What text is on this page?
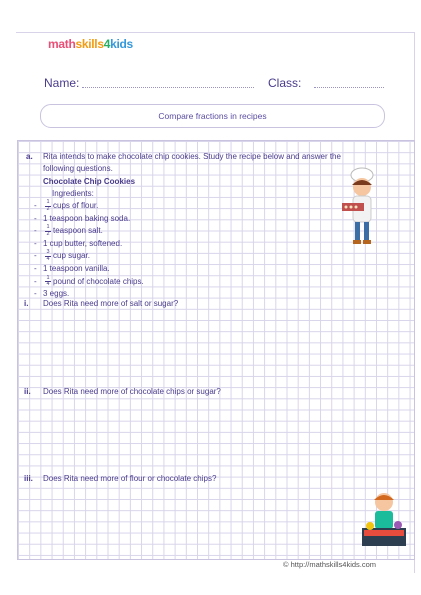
mathskills4kids
Name:	Class:
Compare fractions in recipes
a. Rita intends to make chocolate chip cookies. Study the recipe below and answer the
following questions.
Chocolate Chip Cookies
Ingredients:
- $\frac{1}{2}$ cups of flour.
- 1 teaspoon baking soda.
- $\frac{1}{2}$ teaspoon salt.
- 1 cup butter, softened.
- $\frac{3}{4}$ cup sugar.
- 1 teaspoon vanilla.
- $\frac{1}{4}$ pound of chocolate chips.
- 3 eggs.
i. Does Rita need more of salt or sugar?
ii. Does Rita need more of chocolate chips or sugar?
iii. Does Rita need more of flour or chocolate chips?
© http://mathskills4kids.com
